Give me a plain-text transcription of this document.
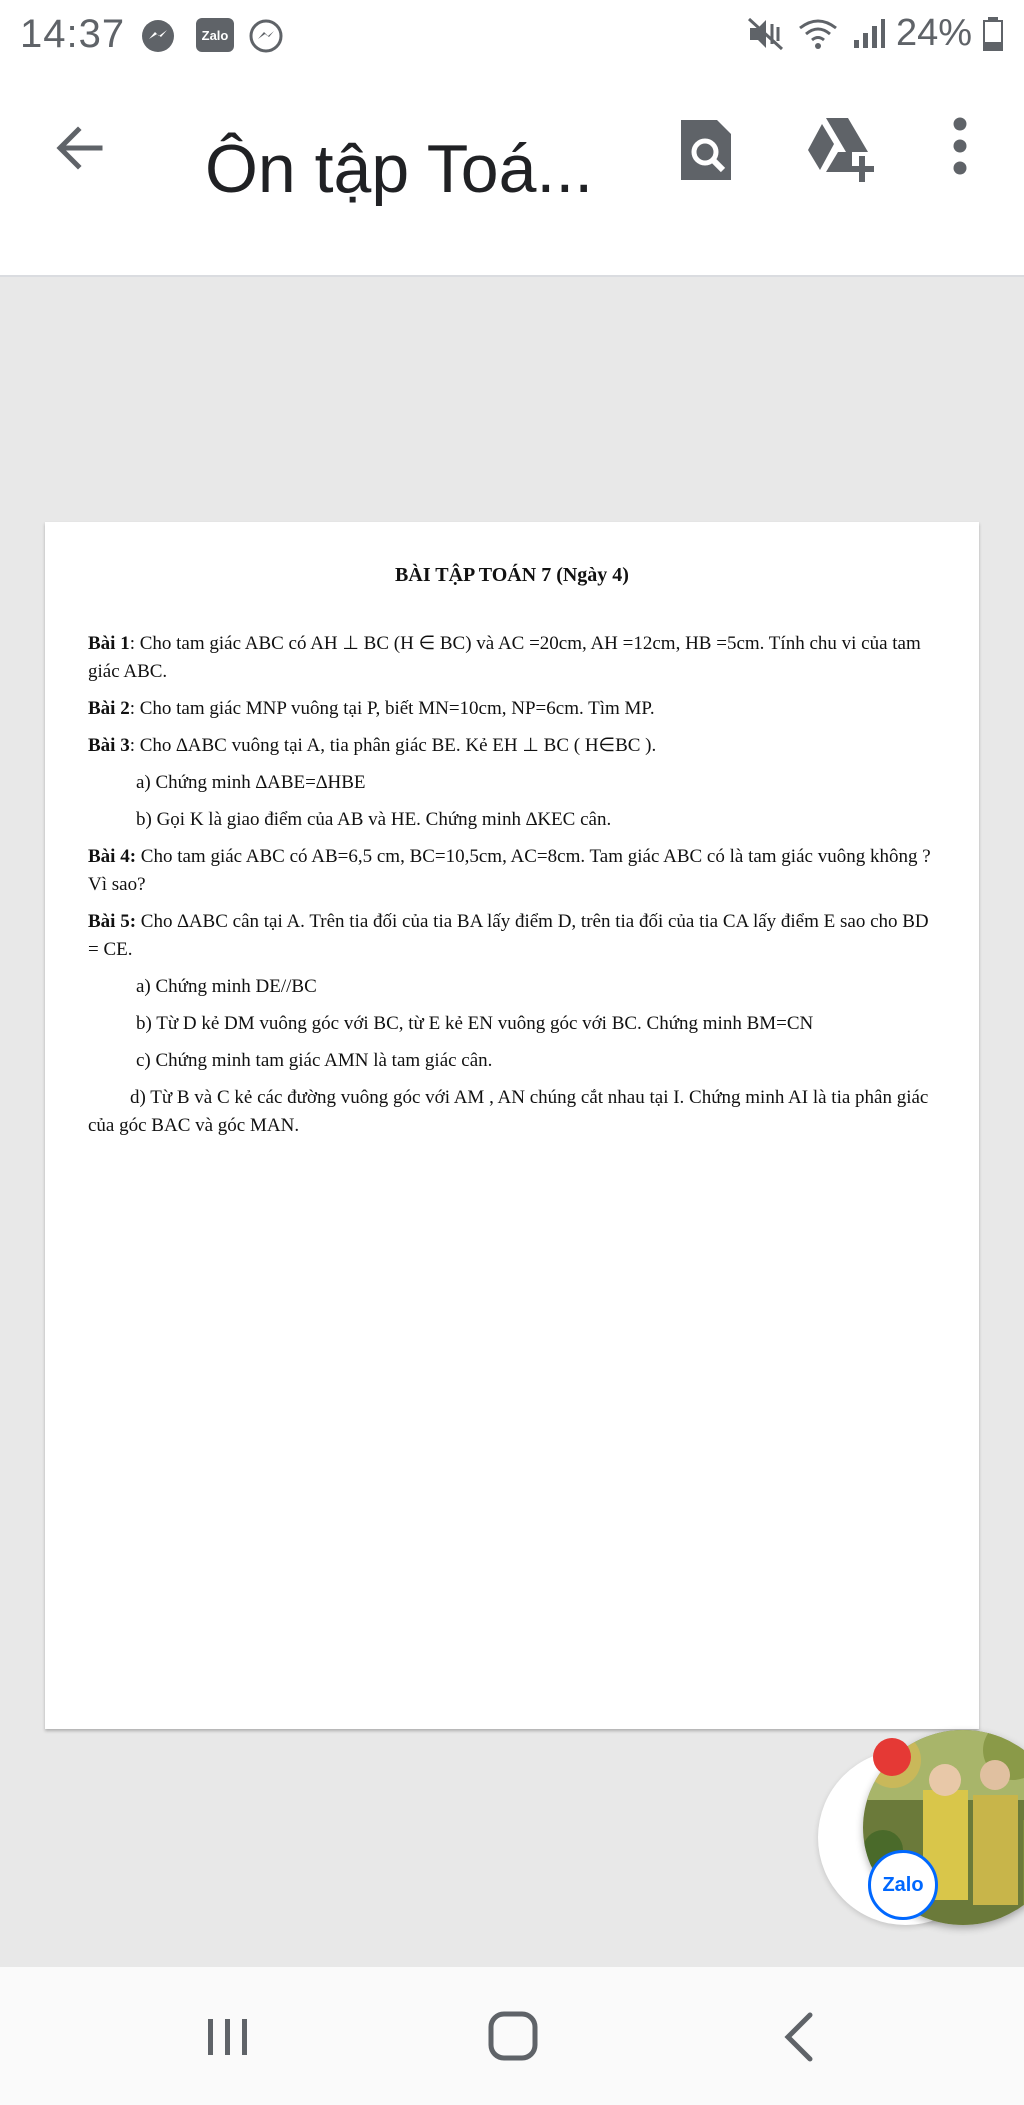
14:37	Zalo	24%
Ôn tập Toá...
BÀI TẬP TOÁN 7 (Ngày 4)

Bài 1: Cho tam giác ABC có AH ⊥ BC (H ∈ BC) và AC =20cm, AH =12cm, HB =5cm. Tính chu vi của tam giác ABC.

Bài 2: Cho tam giác MNP vuông tại P, biết MN=10cm, NP=6cm. Tìm MP.

Bài 3: Cho ∆ABC vuông tại A, tia phân giác BE. Kẻ EH ⊥ BC ( H∈BC ).

a) Chứng minh ∆ABE=∆HBE

b) Gọi K là giao điểm của AB và HE. Chứng minh ∆KEC cân.

Bài 4: Cho tam giác ABC có AB=6,5 cm, BC=10,5cm, AC=8cm. Tam giác ABC có là tam giác vuông không ? Vì sao?

Bài 5: Cho ∆ABC cân tại A. Trên tia đối của tia BA lấy điểm D, trên tia đối của tia CA lấy điểm E sao cho BD = CE.

a) Chứng minh DE//BC

b) Từ D kẻ DM vuông góc với BC, từ E kẻ EN vuông góc với BC. Chứng minh BM=CN

c) Chứng minh tam giác AMN là tam giác cân.

d) Từ B và C kẻ các đường vuông góc với AM , AN chúng cắt nhau tại I. Chứng minh AI là tia phân giác của góc BAC và góc MAN.

Zalo
